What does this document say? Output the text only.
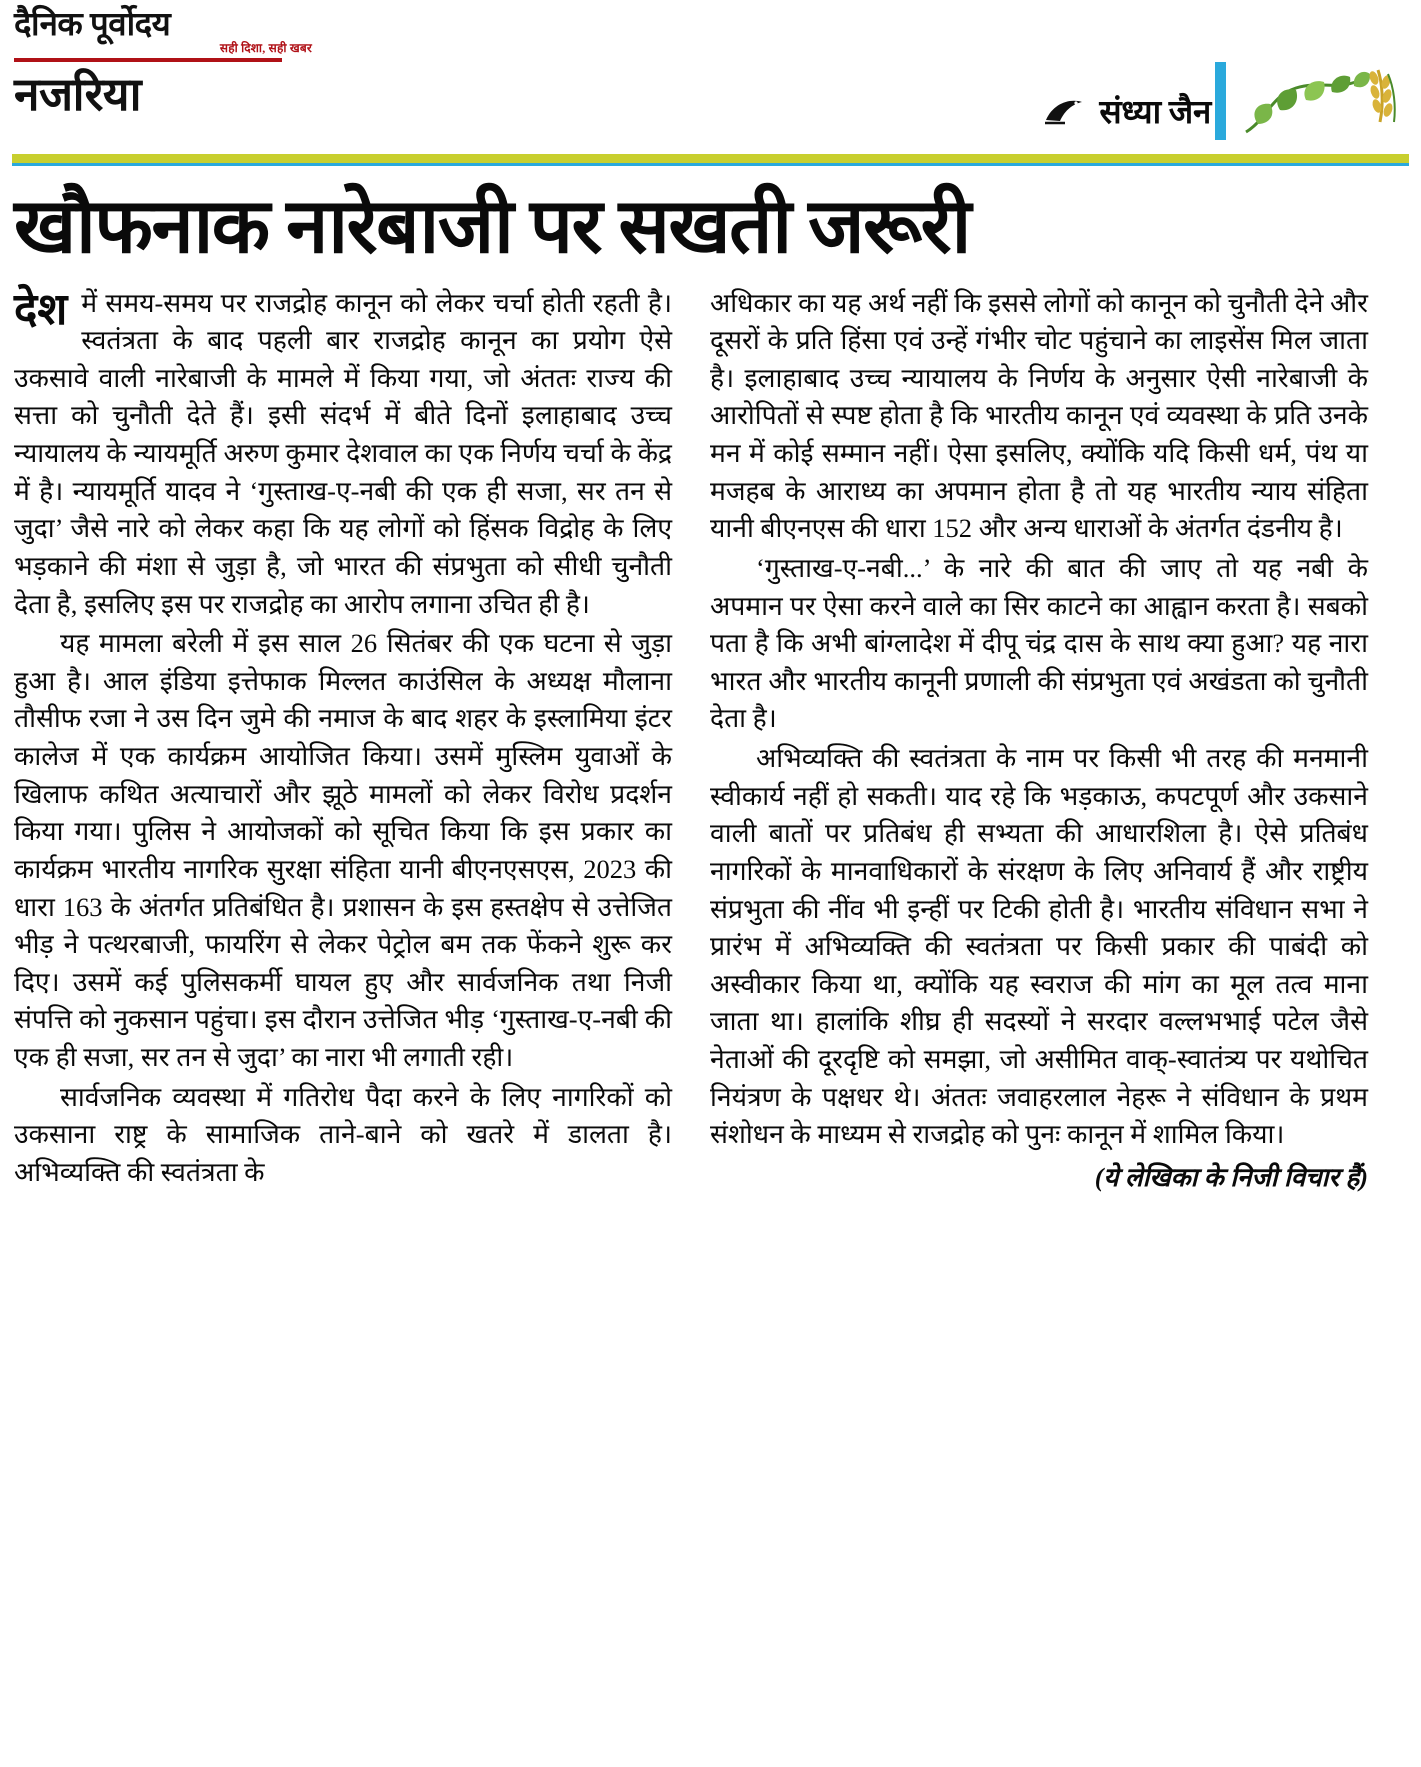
दैनिक पूर्वोदय
सही दिशा, सही खबर
नजरिया	संध्या जैन
खौफनाक नारेबाजी पर सखती जरूरी

देश में समय-समय पर राजद्रोह कानून को लेकर चर्चा होती रहती है। स्वतंत्रता के बाद पहली बार राजद्रोह कानून का प्रयोग ऐसे उकसावे वाली नारेबाजी के मामले में किया गया, जो अंततः राज्य की सत्ता को चुनौती देते हैं। इसी संदर्भ में बीते दिनों इलाहाबाद उच्च न्यायालय के न्यायमूर्ति अरुण कुमार देशवाल का एक निर्णय चर्चा के केंद्र में है। न्यायमूर्ति यादव ने ‘गुस्ताख-ए-नबी की एक ही सजा, सर तन से जुदा’ जैसे नारे को लेकर कहा कि यह लोगों को हिंसक विद्रोह के लिए भड़काने की मंशा से जुड़ा है, जो भारत की संप्रभुता को सीधी चुनौती देता है, इसलिए इस पर राजद्रोह का आरोप लगाना उचित ही है।

यह मामला बरेली में इस साल 26 सितंबर की एक घटना से जुड़ा हुआ है। आल इंडिया इत्तेफाक मिल्लत काउंसिल के अध्यक्ष मौलाना तौसीफ रजा ने उस दिन जुमे की नमाज के बाद शहर के इस्लामिया इंटर कालेज में एक कार्यक्रम आयोजित किया। उसमें मुस्लिम युवाओं के खिलाफ कथित अत्याचारों और झूठे मामलों को लेकर विरोध प्रदर्शन किया गया। पुलिस ने आयोजकों को सूचित किया कि इस प्रकार का कार्यक्रम भारतीय नागरिक सुरक्षा संहिता यानी बीएनएसएस, 2023 की धारा 163 के अंतर्गत प्रतिबंधित है। प्रशासन के इस हस्तक्षेप से उत्तेजित भीड़ ने पत्थरबाजी, फायरिंग से लेकर पेट्रोल बम तक फेंकने शुरू कर दिए। उसमें कई पुलिसकर्मी घायल हुए और सार्वजनिक तथा निजी संपत्ति को नुकसान पहुंचा। इस दौरान उत्तेजित भीड़ ‘गुस्ताख-ए-नबी की एक ही सजा, सर तन से जुदा’ का नारा भी लगाती रही।

सार्वजनिक व्यवस्था में गतिरोध पैदा करने के लिए नागरिकों को उकसाना राष्ट्र के सामाजिक ताने-बाने को खतरे में डालता है। अभिव्यक्ति की स्वतंत्रता के

अधिकार का यह अर्थ नहीं कि इससे लोगों को कानून को चुनौती देने और दूसरों के प्रति हिंसा एवं उन्हें गंभीर चोट पहुंचाने का लाइसेंस मिल जाता है। इलाहाबाद उच्च न्यायालय के निर्णय के अनुसार ऐसी नारेबाजी के आरोपितों से स्पष्ट होता है कि भारतीय कानून एवं व्यवस्था के प्रति उनके मन में कोई सम्मान नहीं। ऐसा इसलिए, क्योंकि यदि किसी धर्म, पंथ या मजहब के आराध्य का अपमान होता है तो यह भारतीय न्याय संहिता यानी बीएनएस की धारा 152 और अन्य धाराओं के अंतर्गत दंडनीय है।

‘गुस्ताख-ए-नबी...’ के नारे की बात की जाए तो यह नबी के अपमान पर ऐसा करने वाले का सिर काटने का आह्वान करता है। सबको पता है कि अभी बांग्लादेश में दीपू चंद्र दास के साथ क्या हुआ? यह नारा भारत और भारतीय कानूनी प्रणाली की संप्रभुता एवं अखंडता को चुनौती देता है।

अभिव्यक्ति की स्वतंत्रता के नाम पर किसी भी तरह की मनमानी स्वीकार्य नहीं हो सकती। याद रहे कि भड़काऊ, कपटपूर्ण और उकसाने वाली बातों पर प्रतिबंध ही सभ्यता की आधारशिला है। ऐसे प्रतिबंध नागरिकों के मानवाधिकारों के संरक्षण के लिए अनिवार्य हैं और राष्ट्रीय संप्रभुता की नींव भी इन्हीं पर टिकी होती है। भारतीय संविधान सभा ने प्रारंभ में अभिव्यक्ति की स्वतंत्रता पर किसी प्रकार की पाबंदी को अस्वीकार किया था, क्योंकि यह स्वराज की मांग का मूल तत्व माना जाता था। हालांकि शीघ्र ही सदस्यों ने सरदार वल्लभभाई पटेल जैसे नेताओं की दूरदृष्टि को समझा, जो असीमित वाक्-स्वातंत्र्य पर यथोचित नियंत्रण के पक्षधर थे। अंततः जवाहरलाल नेहरू ने संविधान के प्रथम संशोधन के माध्यम से राजद्रोह को पुनः कानून में शामिल किया।

(ये लेखिका के निजी विचार हैं)
